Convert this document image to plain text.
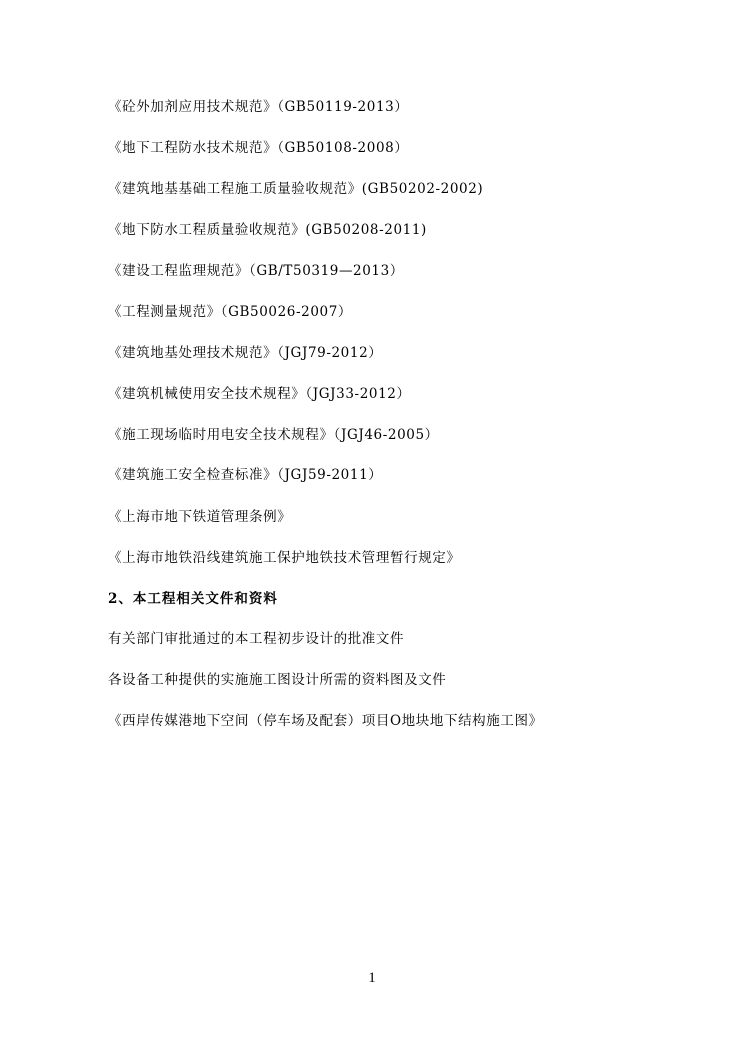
《砼外加剂应用技术规范》（GB50119-2013）
《地下工程防水技术规范》（GB50108-2008）
《建筑地基基础工程施工质量验收规范》(GB50202-2002)
《地下防水工程质量验收规范》(GB50208-2011)
《建设工程监理规范》（GB/T50319—2013）
《工程测量规范》（GB50026-2007）
《建筑地基处理技术规范》（JGJ79-2012）
《建筑机械使用安全技术规程》（JGJ33-2012）
《施工现场临时用电安全技术规程》（JGJ46-2005）
《建筑施工安全检查标准》（JGJ59-2011）
《上海市地下铁道管理条例》
《上海市地铁沿线建筑施工保护地铁技术管理暂行规定》
2、本工程相关文件和资料
有关部门审批通过的本工程初步设计的批准文件
各设备工种提供的实施施工图设计所需的资料图及文件
《西岸传媒港地下空间（停车场及配套）项目O地块地下结构施工图》
1
